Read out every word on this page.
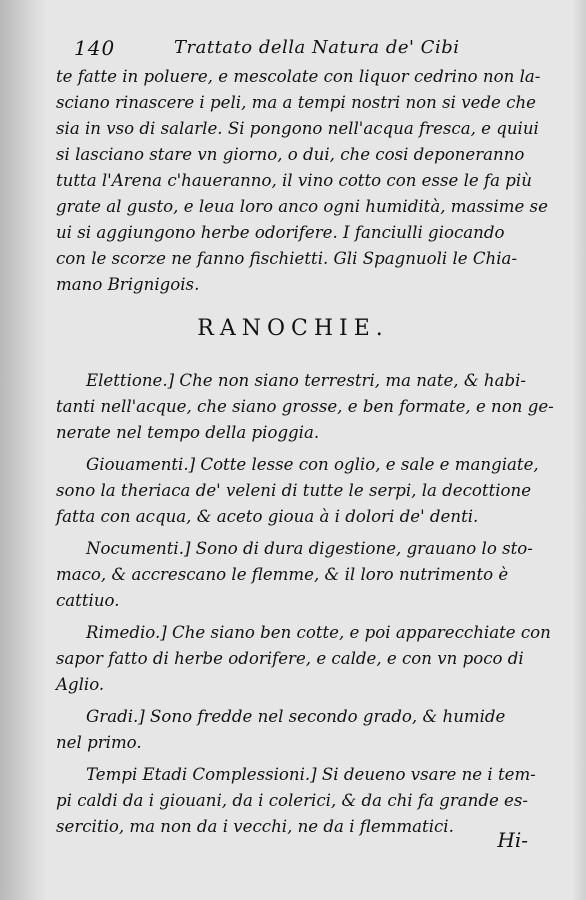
140	Trattato della Natura de' Cibi
te fatte in poluere, e mescolate con liquor cedrino non la-
sciano rinascere i peli, ma a tempi nostri non si vede che
sia in vso di salarle. Si pongono nell'acqua fresca, e quiui
si lasciano stare vn giorno, o dui, che cosi deponeranno
tutta l'Arena c'haueranno, il vino cotto con esse le fa più
grate al gusto, e leua loro anco ogni humidità, massime se
ui si aggiungono herbe odorifere. I fanciulli giocando
con le scorze ne fanno fischietti. Gli Spagnuoli le Chia-
mano Brignigois.
RANOCHIE.
Elettione.] Che non siano terrestri, ma nate, & habi-
tanti nell'acque, che siano grosse, e ben formate, e non ge-
nerate nel tempo della pioggia.
Giouamenti.] Cotte lesse con oglio, e sale e mangiate,
sono la theriaca de' veleni di tutte le serpi, la decottione
fatta con acqua, & aceto gioua à i dolori de' denti.
Nocumenti.] Sono di dura digestione, grauano lo sto-
maco, & accrescano le flemme, & il loro nutrimento è
cattiuo.
Rimedio.] Che siano ben cotte, e poi apparecchiate con
sapor fatto di herbe odorifere, e calde, e con vn poco di
Aglio.
Gradi.] Sono fredde nel secondo grado, & humide
nel primo.
Tempi Etadi Complessioni.] Si deueno vsare ne i tem-
pi caldi da i giouani, da i colerici, & da chi fa grande es-
sercitio, ma non da i vecchi, ne da i flemmatici.
Hi-
